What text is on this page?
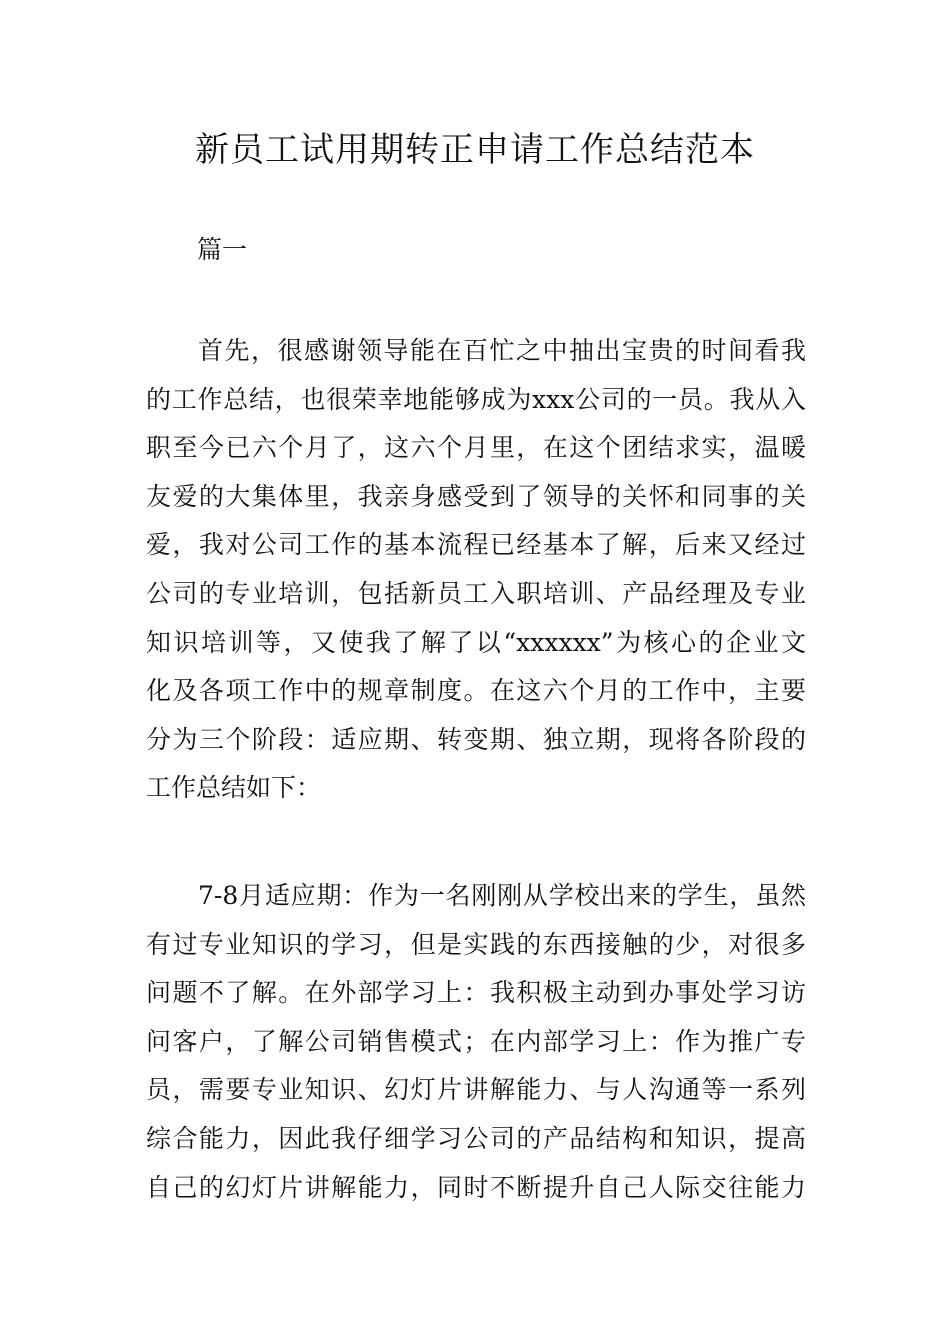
新员工试用期转正申请工作总结范本

篇一

首先，很感谢领导能在百忙之中抽出宝贵的时间看我
的工作总结，也很荣幸地能够成为xxx公司的一员。我从入
职至今已六个月了，这六个月里，在这个团结求实，温暖
友爱的大集体里，我亲身感受到了领导的关怀和同事的关
爱，我对公司工作的基本流程已经基本了解，后来又经过
公司的专业培训，包括新员工入职培训、产品经理及专业
知识培训等，又使我了解了以“xxxxxx”为核心的企业文
化及各项工作中的规章制度。在这六个月的工作中，主要
分为三个阶段：适应期、转变期、独立期，现将各阶段的
工作总结如下：
7-8月适应期：作为一名刚刚从学校出来的学生，虽然
有过专业知识的学习，但是实践的东西接触的少，对很多
问题不了解。在外部学习上：我积极主动到办事处学习访
问客户，了解公司销售模式；在内部学习上：作为推广专
员，需要专业知识、幻灯片讲解能力、与人沟通等一系列
综合能力，因此我仔细学习公司的产品结构和知识，提高
自己的幻灯片讲解能力，同时不断提升自己人际交往能力
